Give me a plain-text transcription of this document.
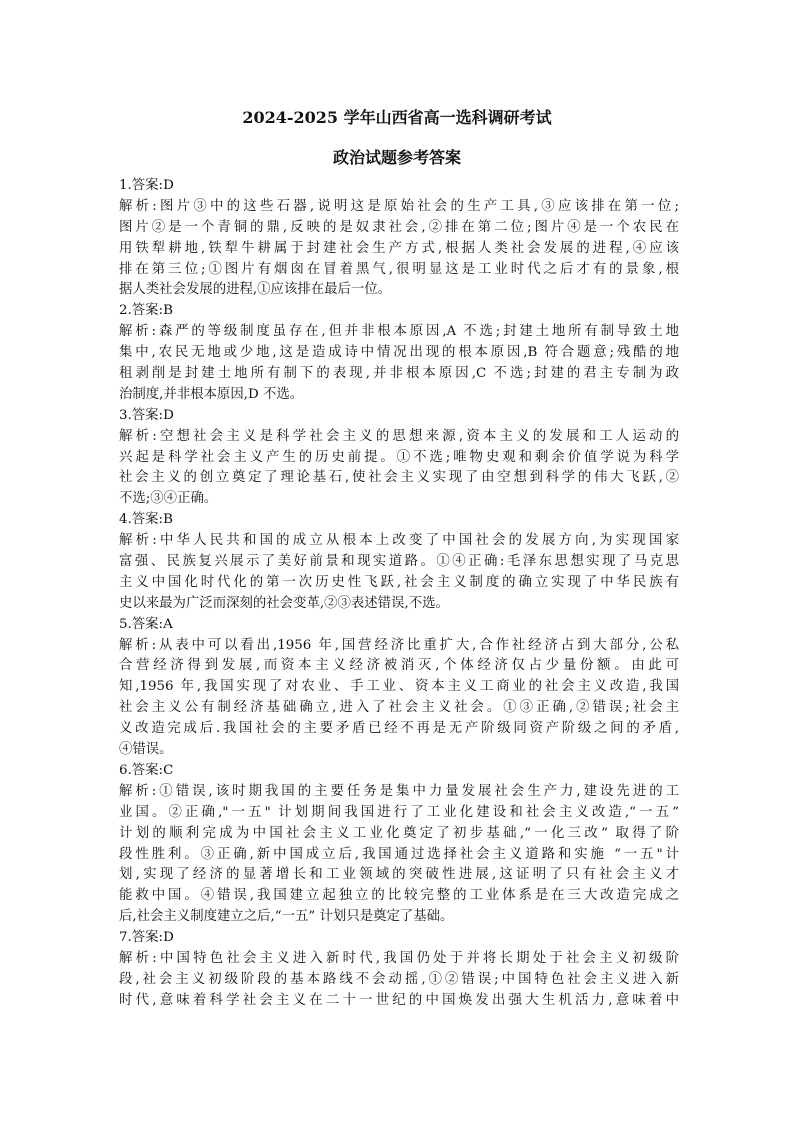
2024-2025 学年山西省高一选科调研考试
政治试题参考答案
1.答案:D
解析:图片③中的这些石器,说明这是原始社会的生产工具,③应该排在第一位;
图片②是一个青铜的鼎,反映的是奴隶社会,②排在第二位;图片④是一个农民在
用铁犁耕地,铁犁牛耕属于封建社会生产方式,根据人类社会发展的进程,④应该
排在第三位;①图片有烟囱在冒着黑气,很明显这是工业时代之后才有的景象,根
据人类社会发展的进程,①应该排在最后一位。
2.答案:B
解析:森严的等级制度虽存在,但并非根本原因,A 不选;封建土地所有制导致土地
集中,农民无地或少地,这是造成诗中情况出现的根本原因,B 符合题意;残酷的地
租剥削是封建土地所有制下的表现,并非根本原因,C 不选;封建的君主专制为政
治制度,并非根本原因,D 不选。
3.答案:D
解析:空想社会主义是科学社会主义的思想来源,资本主义的发展和工人运动的
兴起是科学社会主义产生的历史前提。①不选;唯物史观和剩余价值学说为科学
社会主义的创立奠定了理论基石,使社会主义实现了由空想到科学的伟大飞跃,②
不选;③④正确。
4.答案:B
解析:中华人民共和国的成立从根本上改变了中国社会的发展方向,为实现国家
富强、民族复兴展示了美好前景和现实道路。①④正确:毛泽东思想实现了马克思
主义中国化时代化的第一次历史性飞跃,社会主义制度的确立实现了中华民族有
史以来最为广泛而深刻的社会变革,②③表述错误,不选。
5.答案:A
解析:从表中可以看出,1956 年,国营经济比重扩大,合作社经济占到大部分,公私
合营经济得到发展,而资本主义经济被消灭,个体经济仅占少量份额。由此可
知,1956 年,我国实现了对农业、手工业、资本主义工商业的社会主义改造,我国
社会主义公有制经济基础确立,进入了社会主义社会。①③正确,②错误;社会主
义改造完成后.我国社会的主要矛盾已经不再是无产阶级同资产阶级之间的矛盾,
④错误。
6.答案:C
解析:①错误,该时期我国的主要任务是集中力量发展社会生产力,建设先进的工
业国。②正确,"一五" 计划期间我国进行了工业化建设和社会主义改造,“一五”
计划的顺利完成为中国社会主义工业化奠定了初步基础,“一化三改” 取得了阶
段性胜利。③正确,新中国成立后,我国通过选择社会主义道路和实施 “一五"计
划,实现了经济的显著增长和工业领域的突破性进展,这证明了只有社会主义才
能救中国。④错误,我国建立起独立的比较完整的工业体系是在三大改造完成之
后,社会主义制度建立之后,“一五” 计划只是奠定了基础。
7.答案:D
解析:中国特色社会主义进入新时代,我国仍处于并将长期处于社会主义初级阶
段,社会主义初级阶段的基本路线不会动摇,①②错误;中国特色社会主义进入新
时代,意味着科学社会主义在二十一世纪的中国焕发出强大生机活力,意味着中
